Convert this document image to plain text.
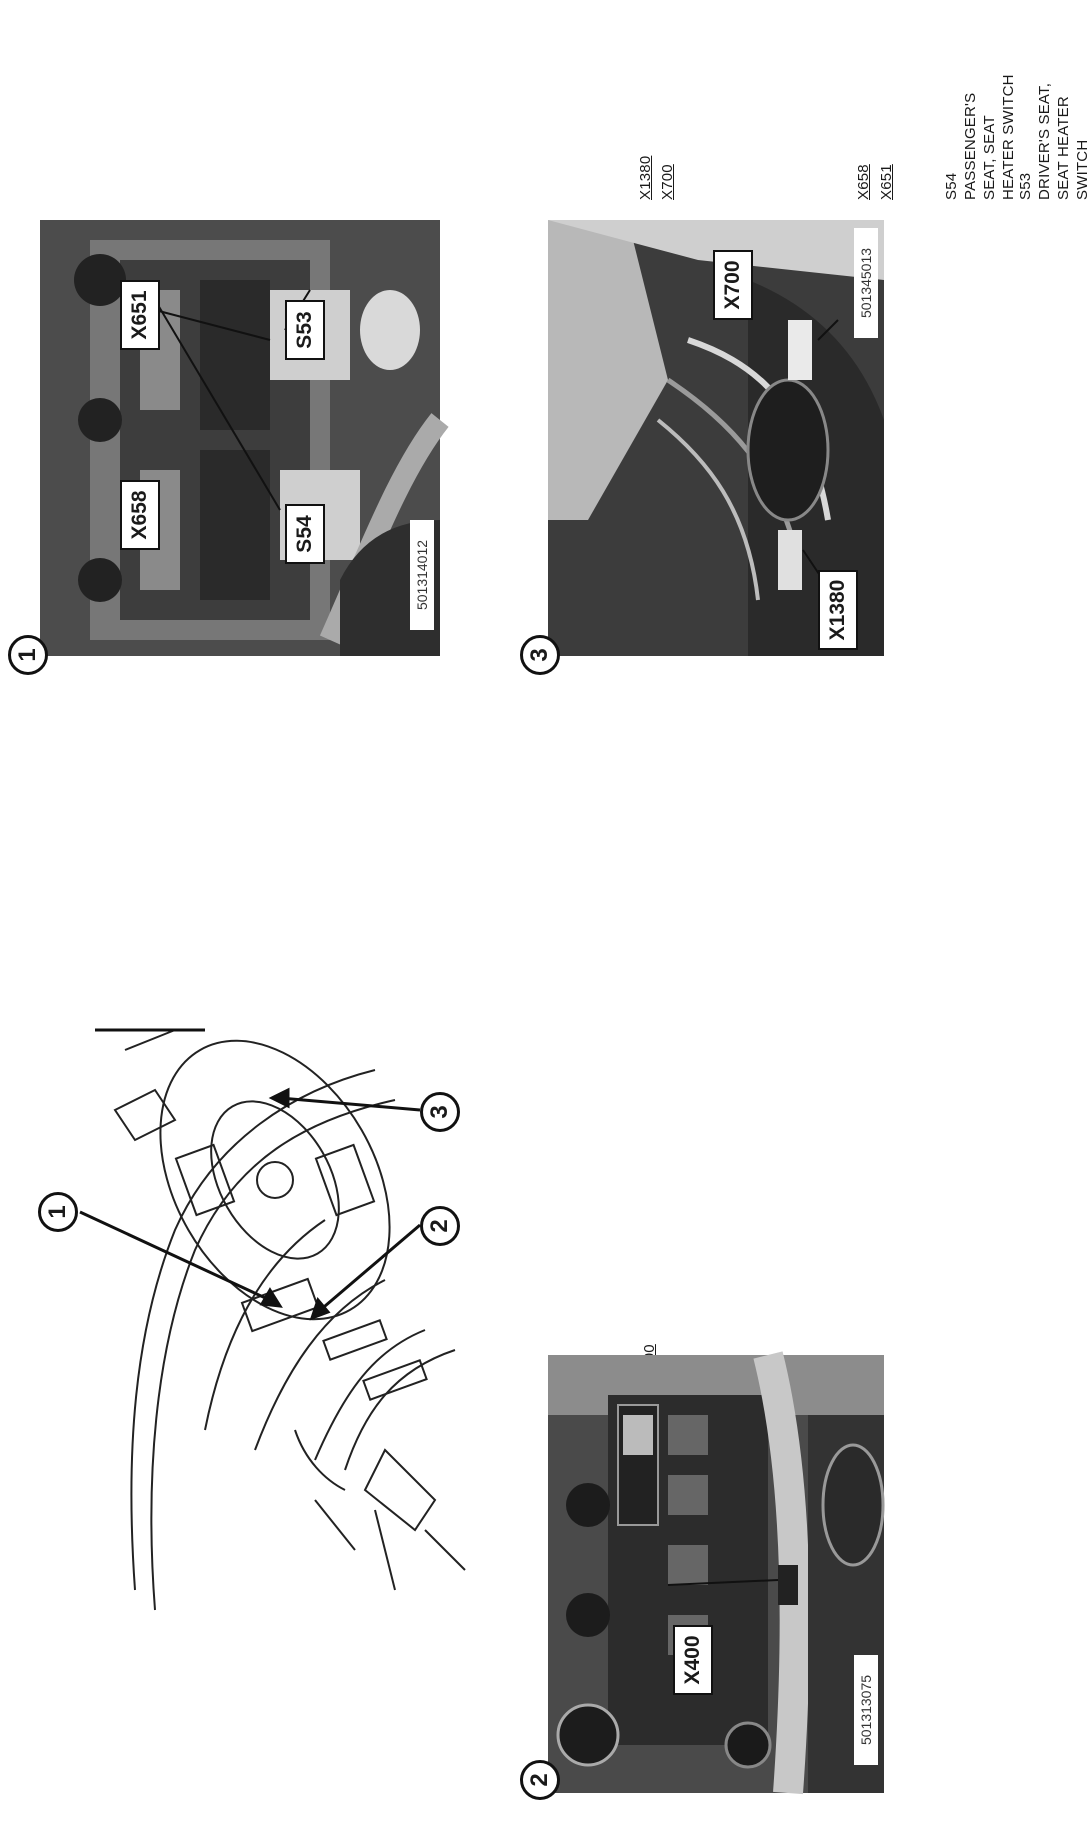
S53 DRIVER'S SEAT, SEAT HEATER SWITCH
S54 PASSENGER'S SEAT, SEAT HEATER SWITCH
X651
X658
X700
X1380
X658	S54
X651	S53
501314012
1
X700
X1380
501345013
3
X400
501313075
2
1
3
2
